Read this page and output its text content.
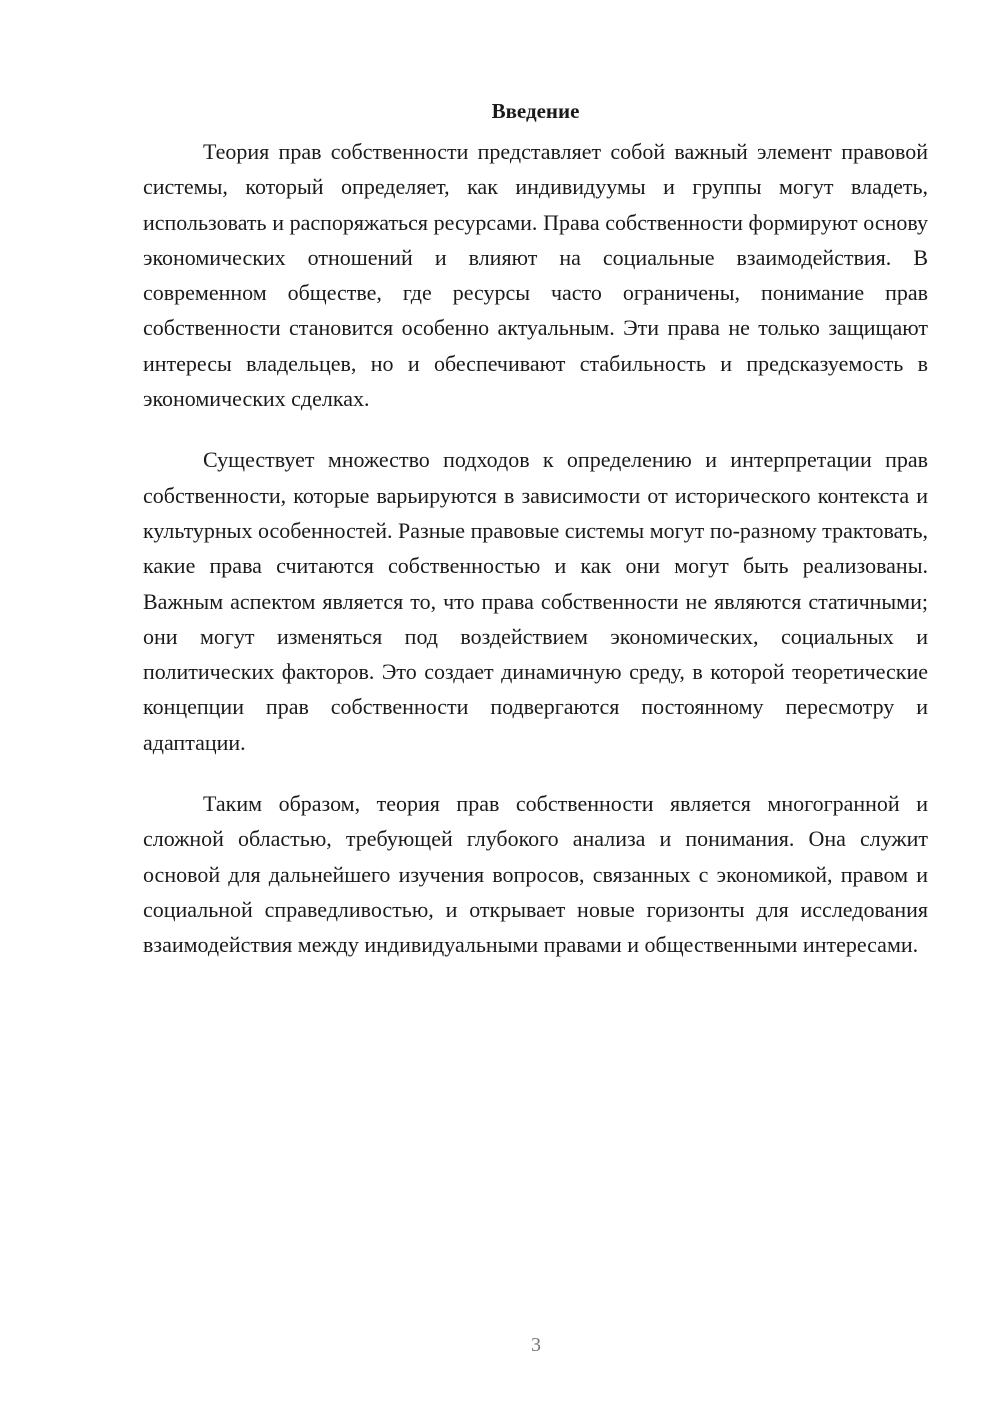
Введение

Теория прав собственности представляет собой важный элемент правовой системы, который определяет, как индивидуумы и группы могут владеть, использовать и распоряжаться ресурсами. Права собственности формируют основу экономических отношений и влияют на социальные взаимодействия. В современном обществе, где ресурсы часто ограничены, понимание прав собственности становится особенно актуальным. Эти права не только защищают интересы владельцев, но и обеспечивают стабильность и предсказуемость в экономических сделках.

Существует множество подходов к определению и интерпретации прав собственности, которые варьируются в зависимости от исторического контекста и культурных особенностей. Разные правовые системы могут по-разному трактовать, какие права считаются собственностью и как они могут быть реализованы. Важным аспектом является то, что права собственности не являются статичными; они могут изменяться под воздействием экономических, социальных и политических факторов. Это создает динамичную среду, в которой теоретические концепции прав собственности подвергаются постоянному пересмотру и адаптации.

Таким образом, теория прав собственности является многогранной и сложной областью, требующей глубокого анализа и понимания. Она служит основой для дальнейшего изучения вопросов, связанных с экономикой, правом и социальной справедливостью, и открывает новые горизонты для исследования взаимодействия между индивидуальными правами и общественными интересами.

3
